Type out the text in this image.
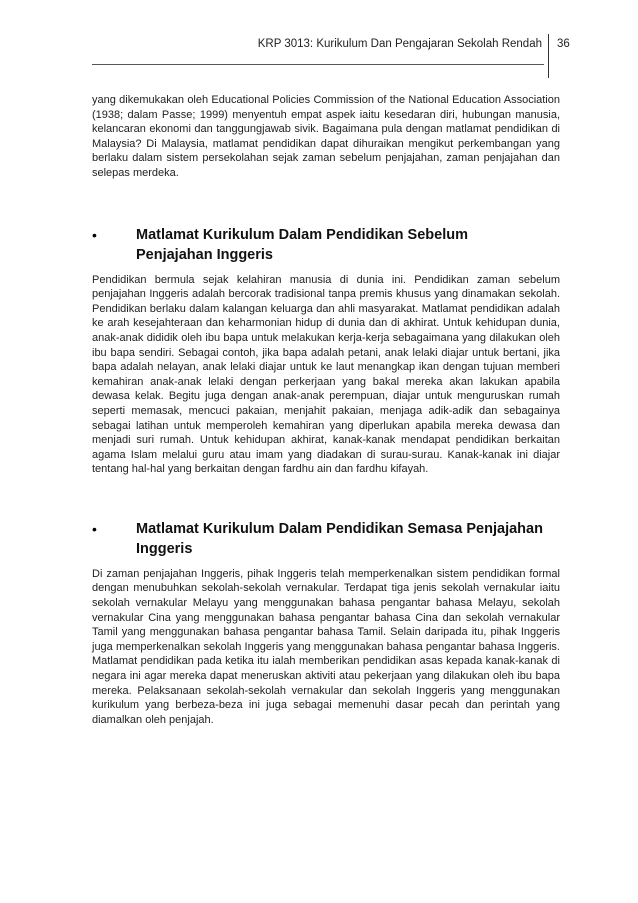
KRP 3013: Kurikulum Dan Pengajaran Sekolah Rendah 36

yang dikemukakan oleh Educational Policies Commission of the National Education Association (1938; dalam Passe; 1999) menyentuh empat aspek iaitu kesedaran diri, hubungan manusia, kelancaran ekonomi dan tanggungjawab sivik. Bagaimana pula dengan matlamat pendidikan di Malaysia? Di Malaysia, matlamat pendidikan dapat dihuraikan mengikut perkembangan yang berlaku dalam sistem persekolahan sejak zaman sebelum penjajahan, zaman penjajahan dan selepas merdeka.

•	Matlamat Kurikulum Dalam Pendidikan Sebelum Penjajahan Inggeris

Pendidikan bermula sejak kelahiran manusia di dunia ini. Pendidikan zaman sebelum penjajahan Inggeris adalah bercorak tradisional tanpa premis khusus yang dinamakan sekolah. Pendidikan berlaku dalam kalangan keluarga dan ahli masyarakat. Matlamat pendidikan adalah ke arah kesejahteraan dan keharmonian hidup di dunia dan di akhirat. Untuk kehidupan dunia, anak-anak dididik oleh ibu bapa untuk melakukan kerja-kerja sebagaimana yang dilakukan oleh ibu bapa sendiri. Sebagai contoh, jika bapa adalah petani, anak lelaki diajar untuk bertani, jika bapa adalah nelayan, anak lelaki diajar untuk ke laut menangkap ikan dengan tujuan memberi kemahiran anak-anak lelaki dengan perkerjaan yang bakal mereka akan lakukan apabila dewasa kelak. Begitu juga dengan anak-anak perempuan, diajar untuk menguruskan rumah seperti memasak, mencuci pakaian, menjahit pakaian, menjaga adik-adik dan sebagainya sebagai latihan untuk memperoleh kemahiran yang diperlukan apabila mereka dewasa dan menjadi suri rumah. Untuk kehidupan akhirat, kanak-kanak mendapat pendidikan berkaitan agama Islam melalui guru atau imam yang diadakan di surau-surau. Kanak-kanak ini diajar tentang hal-hal yang berkaitan dengan fardhu ain dan fardhu kifayah.

•	Matlamat Kurikulum Dalam Pendidikan Semasa Penjajahan Inggeris

Di zaman penjajahan Inggeris, pihak Inggeris telah memperkenalkan sistem pendidikan formal dengan menubuhkan sekolah-sekolah vernakular. Terdapat tiga jenis sekolah vernakular iaitu sekolah vernakular Melayu yang menggunakan bahasa pengantar bahasa Melayu, sekolah vernakular Cina yang menggunakan bahasa pengantar bahasa Cina dan sekolah vernakular Tamil yang menggunakan bahasa pengantar bahasa Tamil. Selain daripada itu, pihak Inggeris juga memperkenalkan sekolah Inggeris yang menggunakan bahasa pengantar bahasa Inggeris. Matlamat pendidikan pada ketika itu ialah memberikan pendidikan asas kepada kanak-kanak di negara ini agar mereka dapat meneruskan aktiviti atau pekerjaan yang dilakukan oleh ibu bapa mereka. Pelaksanaan sekolah-sekolah vernakular dan sekolah Inggeris yang menggunakan kurikulum yang berbeza-beza ini juga sebagai memenuhi dasar pecah dan perintah yang diamalkan oleh penjajah.
